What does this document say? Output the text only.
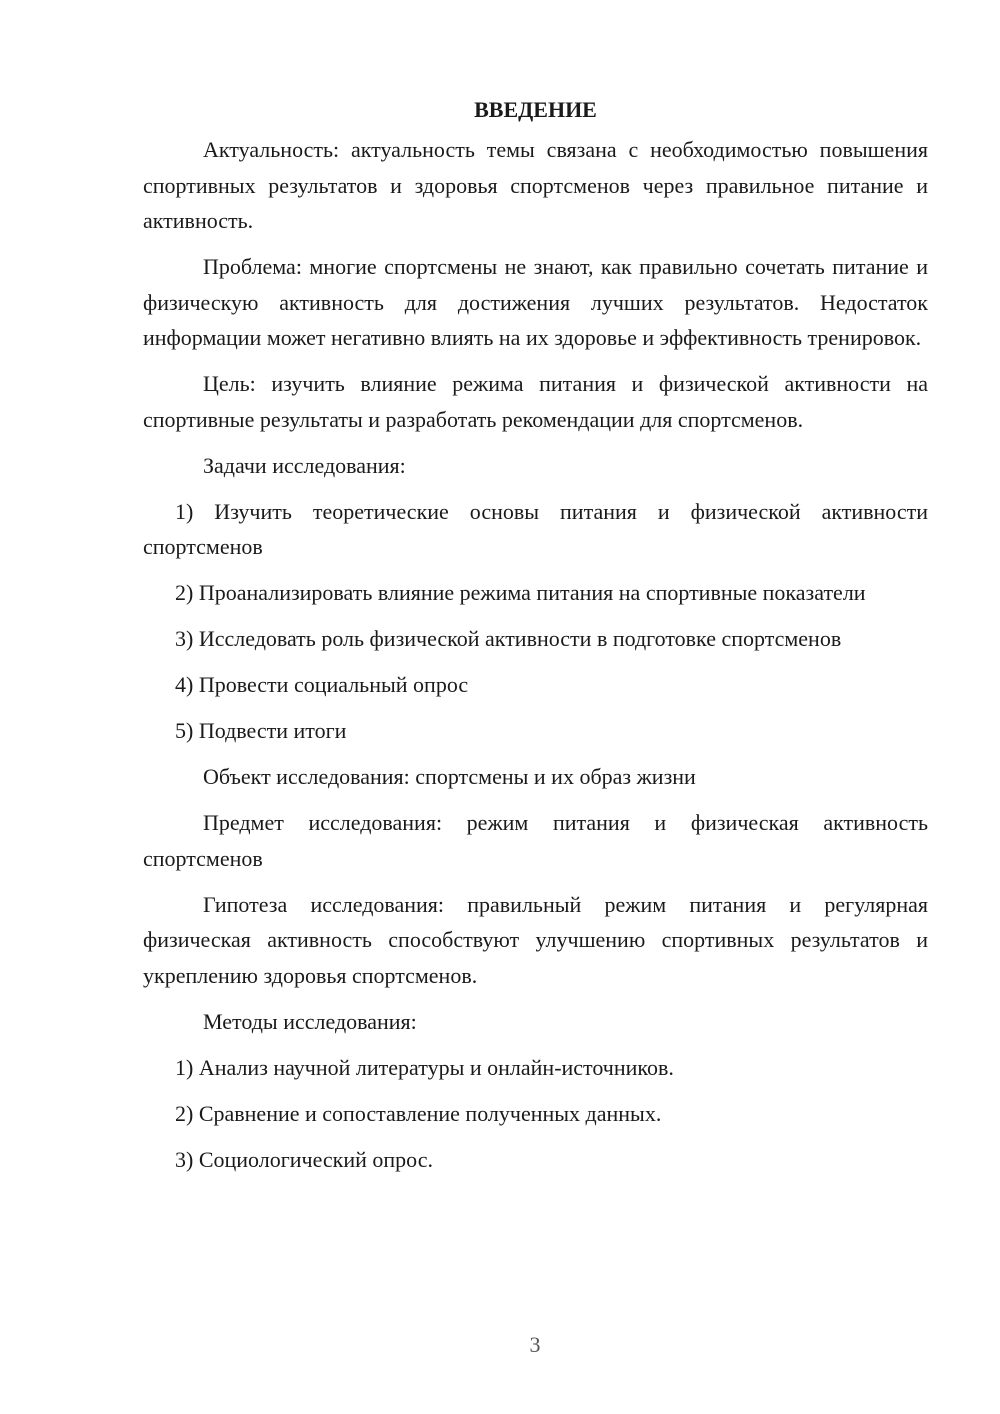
ВВЕДЕНИЕ

Актуальность: актуальность темы связана с необходимостью повышения спортивных результатов и здоровья спортсменов через правильное питание и активность.

Проблема: многие спортсмены не знают, как правильно сочетать питание и физическую активность для достижения лучших результатов. Недостаток информации может негативно влиять на их здоровье и эффективность тренировок.

Цель: изучить влияние режима питания и физической активности на спортивные результаты и разработать рекомендации для спортсменов.

Задачи исследования:

1) Изучить теоретические основы питания и физической активности спортсменов

2) Проанализировать влияние режима питания на спортивные показатели

3) Исследовать роль физической активности в подготовке спортсменов

4) Провести социальный опрос

5) Подвести итоги

Объект исследования: спортсмены и их образ жизни

Предмет исследования: режим питания и физическая активность спортсменов

Гипотеза исследования: правильный режим питания и регулярная физическая активность способствуют улучшению спортивных результатов и укреплению здоровья спортсменов.

Методы исследования:

1) Анализ научной литературы и онлайн-источников.

2) Сравнение и сопоставление полученных данных.

3) Социологический опрос.

3
